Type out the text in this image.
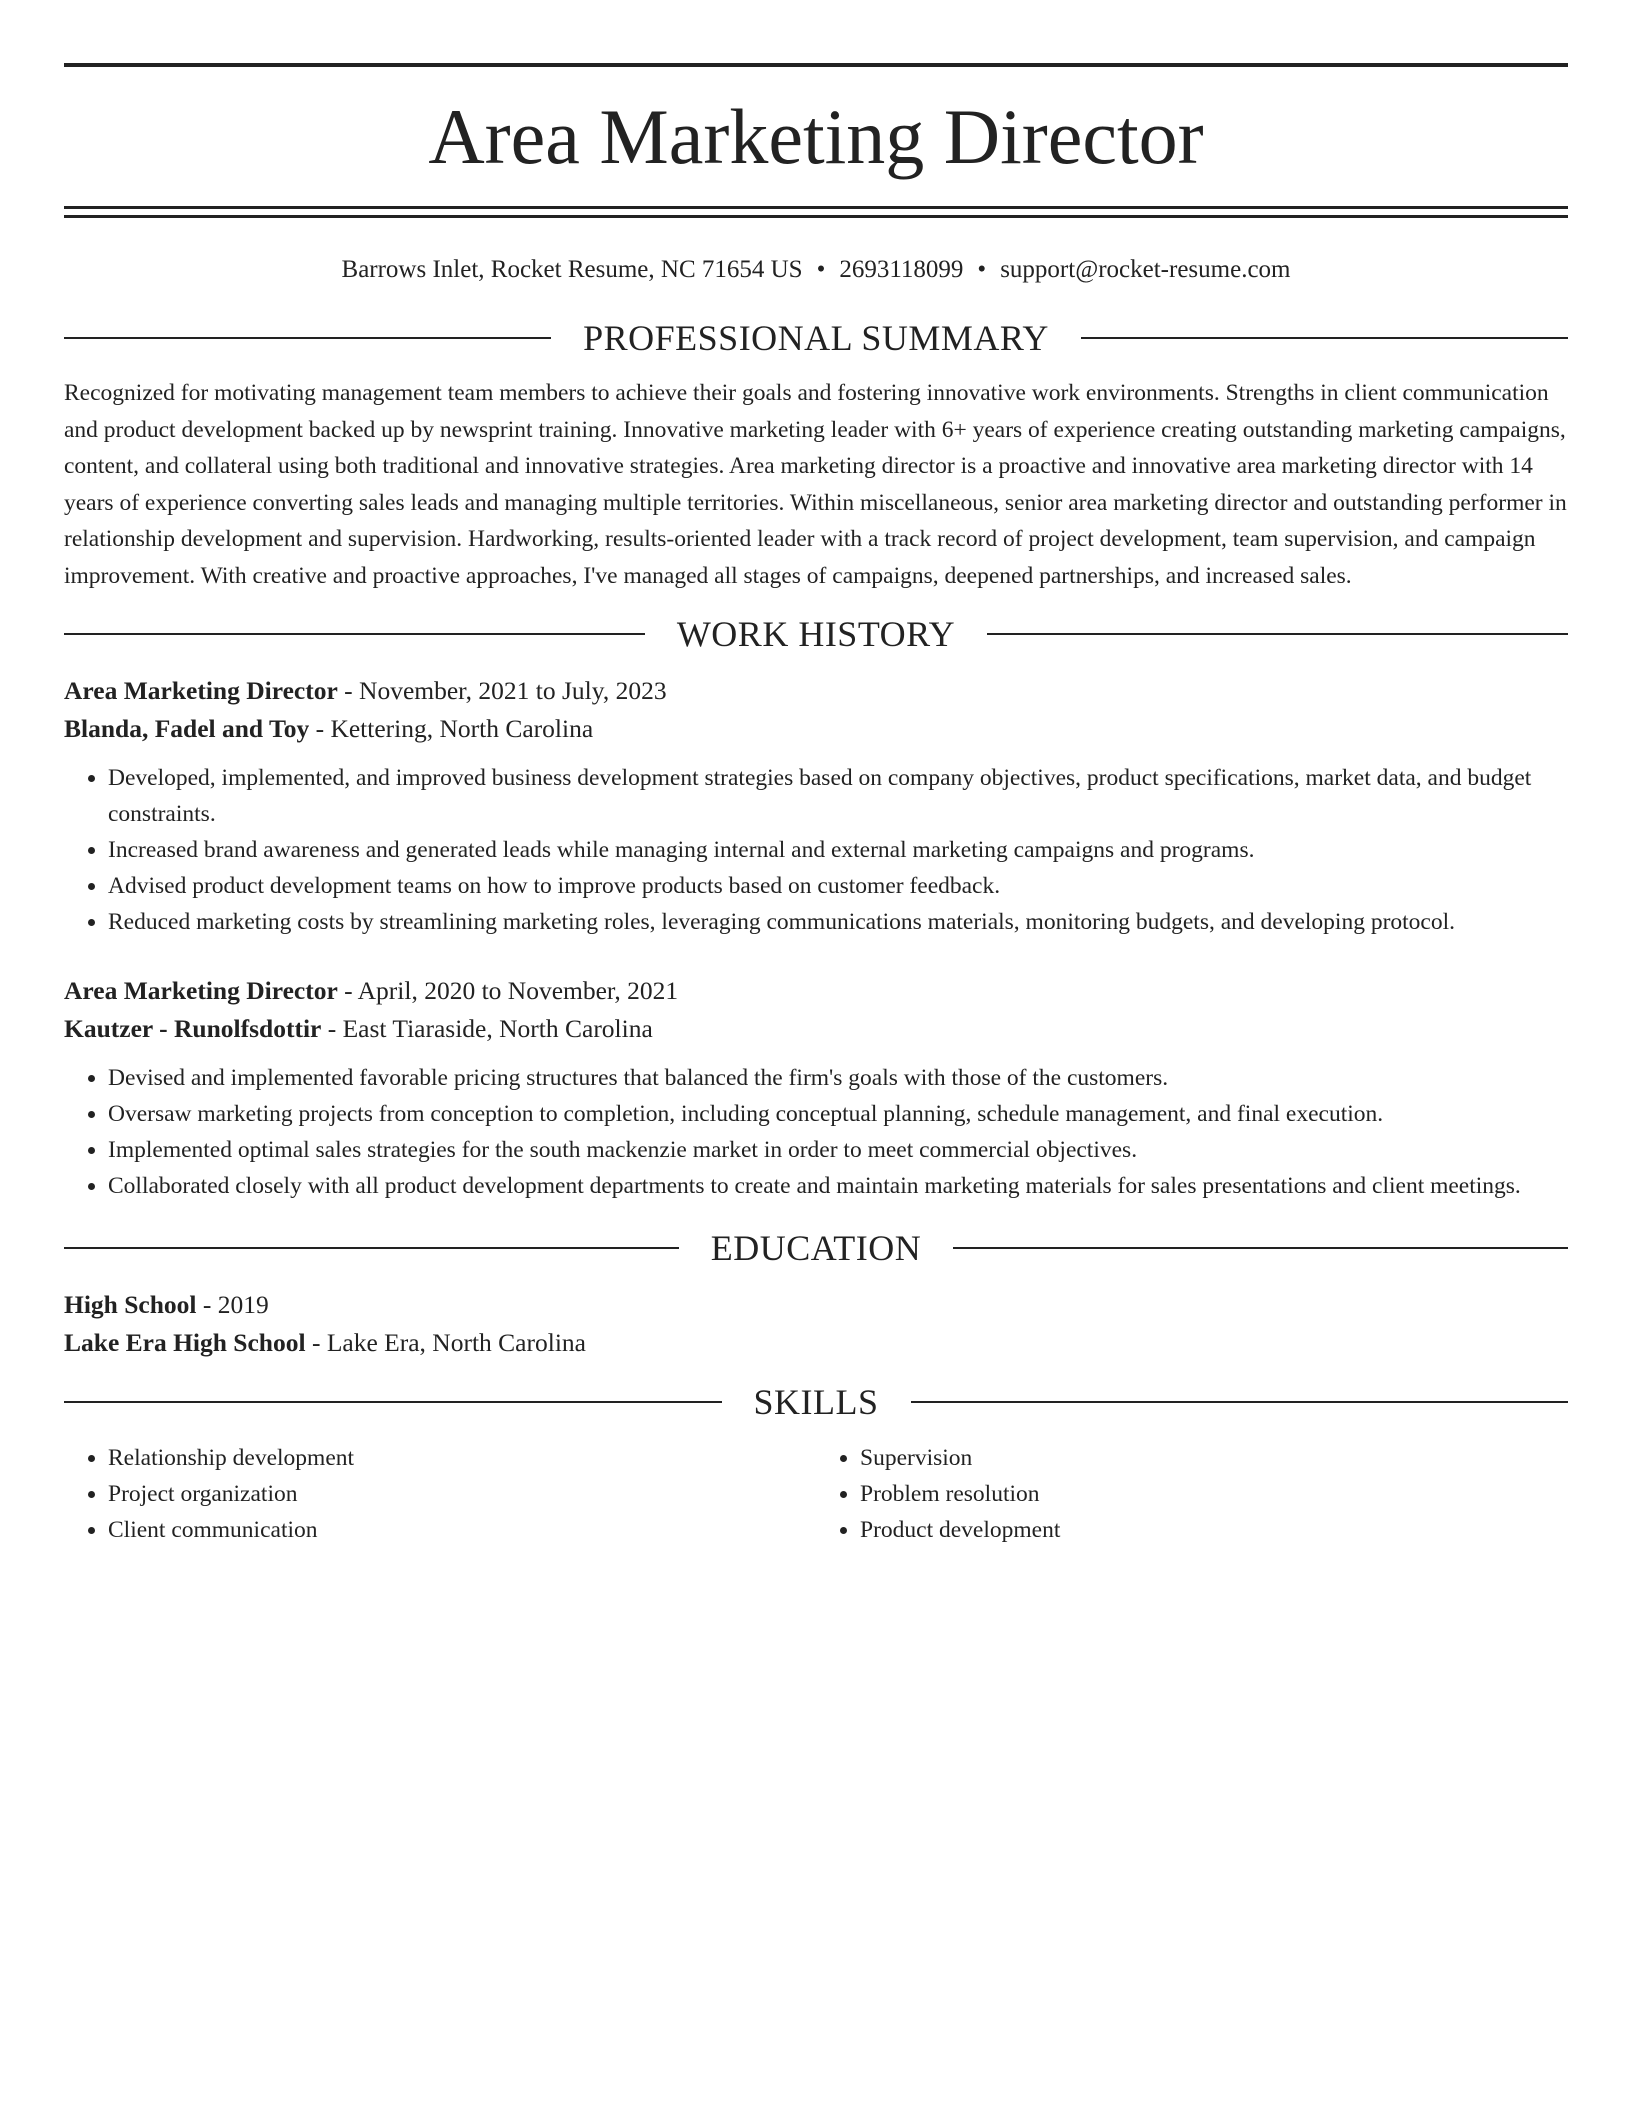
Area Marketing Director
Barrows Inlet, Rocket Resume, NC 71654 US • 2693118099 • support@rocket-resume.com
PROFESSIONAL SUMMARY

Recognized for motivating management team members to achieve their goals and fostering innovative work environments. Strengths in client communication and product development backed up by newsprint training. Innovative marketing leader with 6+ years of experience creating outstanding marketing campaigns, content, and collateral using both traditional and innovative strategies. Area marketing director is a proactive and innovative area marketing director with 14 years of experience converting sales leads and managing multiple territories. Within miscellaneous, senior area marketing director and outstanding performer in relationship development and supervision. Hardworking, results-oriented leader with a track record of project development, team supervision, and campaign improvement. With creative and proactive approaches, I've managed all stages of campaigns, deepened partnerships, and increased sales.

WORK HISTORY

Area Marketing Director - November, 2021 to July, 2023

Blanda, Fadel and Toy - Kettering, North Carolina

• Developed, implemented, and improved business development strategies based on company objectives, product specifications, market data, and budget constraints.
• Increased brand awareness and generated leads while managing internal and external marketing campaigns and programs.
• Advised product development teams on how to improve products based on customer feedback.
• Reduced marketing costs by streamlining marketing roles, leveraging communications materials, monitoring budgets, and developing protocol.

Area Marketing Director - April, 2020 to November, 2021

Kautzer - Runolfsdottir - East Tiaraside, North Carolina

• Devised and implemented favorable pricing structures that balanced the firm's goals with those of the customers.
• Oversaw marketing projects from conception to completion, including conceptual planning, schedule management, and final execution.
• Implemented optimal sales strategies for the south mackenzie market in order to meet commercial objectives.
• Collaborated closely with all product development departments to create and maintain marketing materials for sales presentations and client meetings.
EDUCATION

High School - 2019

Lake Era High School - Lake Era, North Carolina

SKILLS
• Relationship development
• Project organization
• Client communication
• Supervision
• Problem resolution
• Product development
